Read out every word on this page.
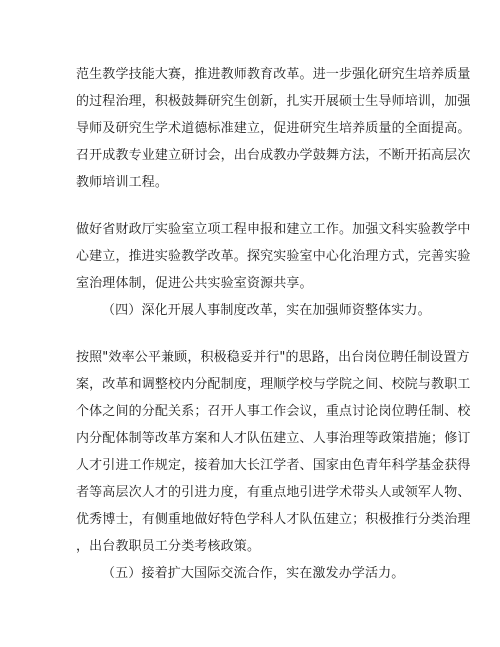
范生教学技能大赛，推进教师教育改革。进一步强化研究生培养质量
的过程治理，积极鼓舞研究生创新，扎实开展硕士生导师培训，加强
导师及研究生学术道德标准建立，促进研究生培养质量的全面提高。
召开成教专业建立研讨会，出台成教办学鼓舞方法，不断开拓高层次
教师培训工程。
做好省财政厅实验室立项工程申报和建立工作。加强文科实验教学中
心建立，推进实验教学改革。探究实验室中心化治理方式，完善实验
室治理体制，促进公共实验室资源共享。
（四）深化开展人事制度改革，实在加强师资整体实力。
按照"效率公平兼顾，积极稳妥并行"的思路，出台岗位聘任制设置方
案，改革和调整校内分配制度，理顺学校与学院之间、校院与教职工
个体之间的分配关系；召开人事工作会议，重点讨论岗位聘任制、校
内分配体制等改革方案和人才队伍建立、人事治理等政策措施；修订
人才引进工作规定，接着加大长江学者、国家由色青年科学基金获得
者等高层次人才的引进力度，有重点地引进学术带头人或领军人物、
优秀博士，有侧重地做好特色学科人才队伍建立；积极推行分类治理
，出台教职员工分类考核政策。
（五）接着扩大国际交流合作，实在激发办学活力。
